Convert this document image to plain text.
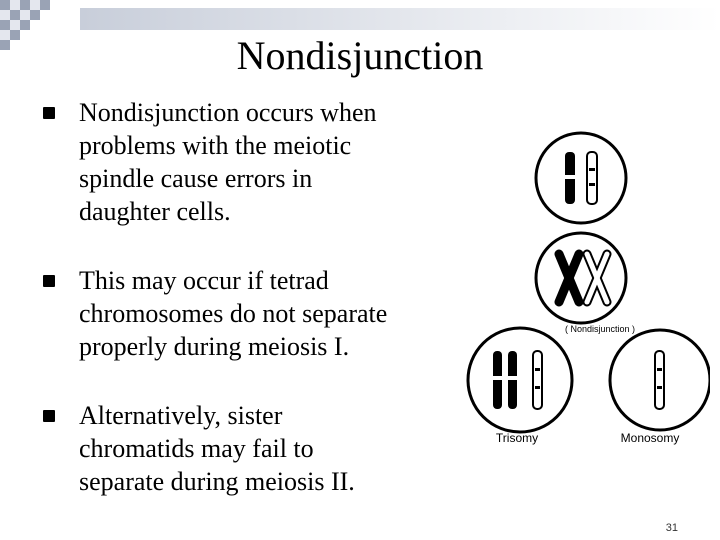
Nondisjunction
Nondisjunction occurs when
problems with the meiotic
spindle cause errors in
daughter cells.
This may occur if tetrad
chromosomes do not separate
properly during meiosis I.
Alternatively, sister
chromatids may fail to
separate during meiosis II.
( Nondisjunction )
Trisomy	Monosomy
31
